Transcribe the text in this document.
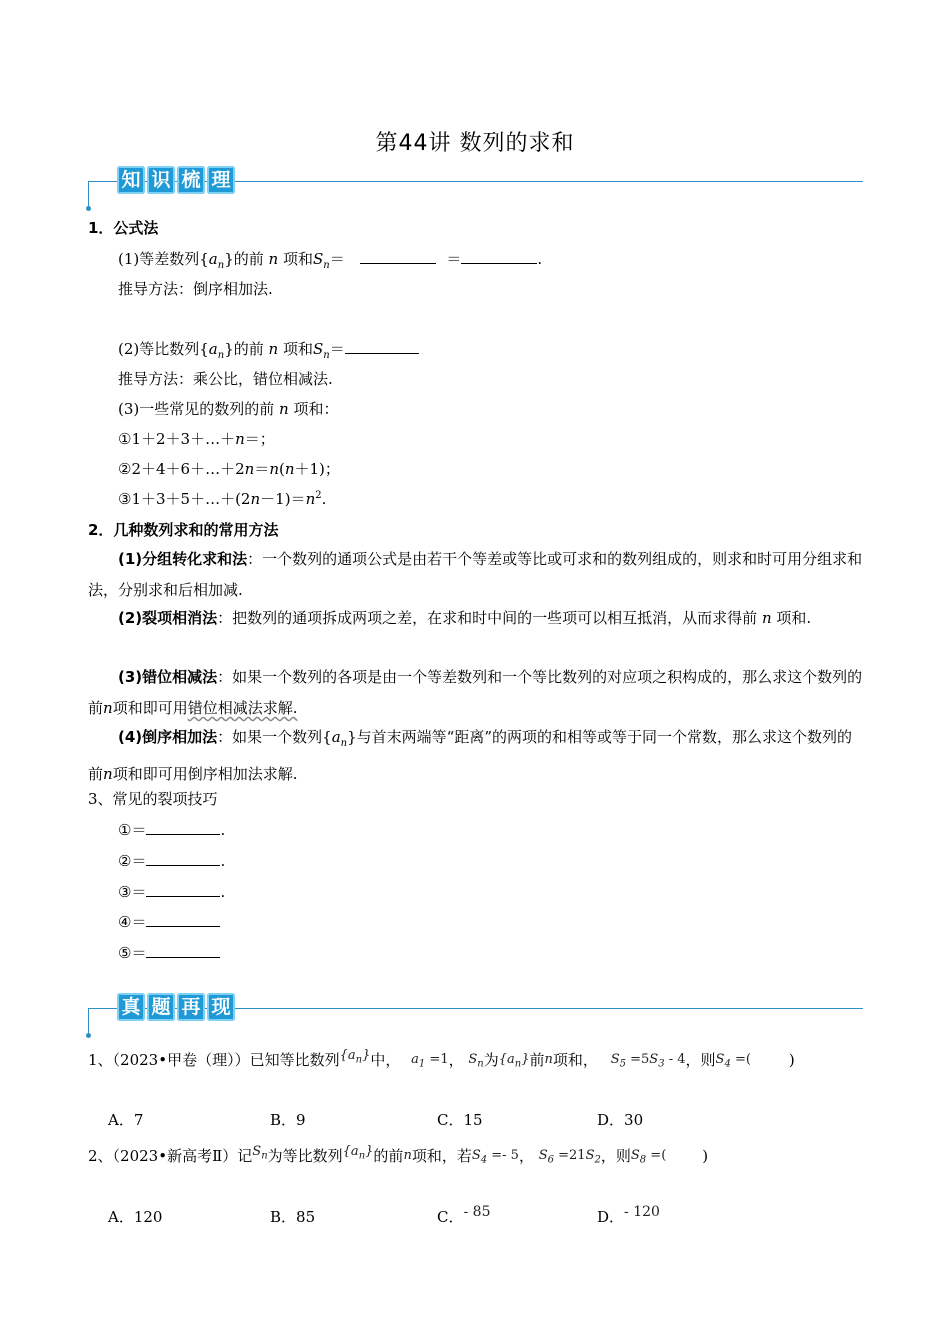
第44讲 数列的求和
知 识 梳 理
1．公式法
(1)等差数列$\{a_n\}$的前 n 项和$S_n=$	＝	.
推导方法：倒序相加法.
(2)等比数列$\{a_n\}$的前 n 项和$S_n=$
推导方法：乘公比，错位相减法.
(3)一些常见的数列的前 n 项和：
①1＋2＋3＋…＋n＝；
②2＋4＋6＋…＋2n＝n(n＋1)；
$③1+3+5+\dots+(2n-1)=n^2$.
2．几种数列求和的常用方法
(1)分组转化求和法：一个数列的通项公式是由若干个等差或等比或可求和的数列组成的，则求和时可用分组求和法，分别求和后相加减.
(2)裂项相消法：把数列的通项拆成两项之差，在求和时中间的一些项可以相互抵消，从而求得前 n 项和.
(3)错位相减法：如果一个数列的各项是由一个等差数列和一个等比数列的对应项之积构成的，那么求这个数列的前n项和即可用错位相减法求解.
(4)倒序相加法：如果一个数列$\{a_n\}$与首末两端等“距离”的两项的和相等或等于同一个常数，那么求这个数列的前n项和即可用倒序相加法求解.
3、常见的裂项技巧
①＝	.
②＝	.
③＝	.
④＝
⑤＝
真 题 再 现
1、（2023•甲卷（理））已知等比数列$\{a_n\}$中， $a_1 =1$， $S_n$为$\{a_n\}$前n项和， $S_5 =5S_3 - 4$，则$S_4$ =(	)
A．7	B．9	C．15	D．30
2、（2023•新高考Ⅱ）记$S_n$为等比数列$\{a_n\}$的前n项和，若$S_4 =- 5$， $S_6 =21S_2$，则$S_8$ =( )
A．120	B．85	C．- 85	D．- 120
